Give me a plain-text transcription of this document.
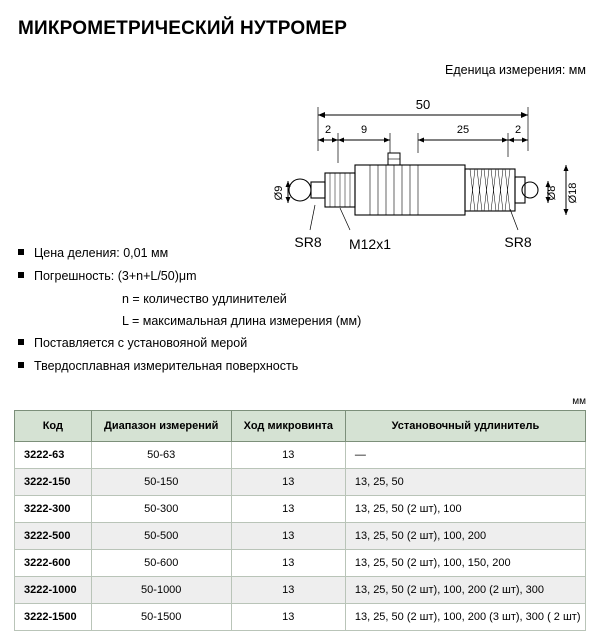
МИКРОМЕТРИЧЕСКИЙ НУТРОМЕР
Еденица измерения: мм
50
2	9	25	2
Ø9	Ø8 Ø18
SR8 M12x1	SR8
Цена деления: 0,01 мм
Погрешность: (3+n+L/50)μm
n = количество удлинителей
L = максимальная длина измерения (мм)
Поставляется с установояной мерой
Твердосплавная измерительная поверхность
мм
Код	Диапазон измерений	Ход микровинта	Установочный удлинитель
3222-63	50-63	13	—
3222-150	50-150	13	13, 25, 50
3222-300	50-300	13	13, 25, 50 (2 шт), 100
3222-500	50-500	13	13, 25, 50 (2 шт), 100, 200
3222-600	50-600	13	13, 25, 50 (2 шт), 100, 150, 200
3222-1000	50-1000	13	13, 25, 50 (2 шт), 100, 200 (2 шт), 300
3222-1500	50-1500	13	13, 25, 50 (2 шт), 100, 200 (3 шт), 300 ( 2 шт)
